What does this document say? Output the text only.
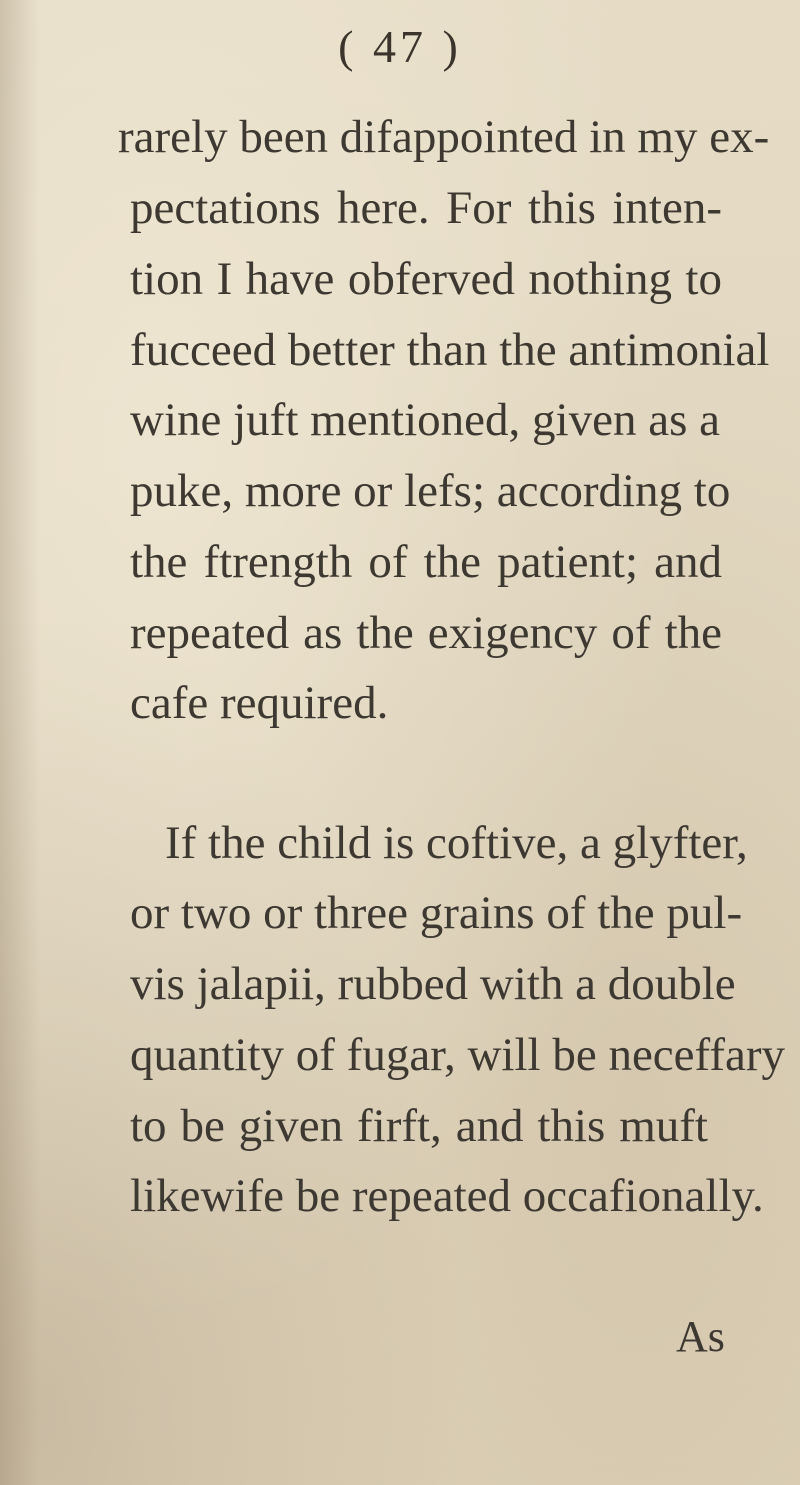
( 47 )
rarely been difappointed in my ex-
pectations here. For this inten-
tion I have obferved nothing to
fucceed better than the antimonial
wine juft mentioned, given as a
puke, more or lefs; according to
the ftrength of the patient; and
repeated as the exigency of the
cafe required.
If the child is coftive, a glyfter,
or two or three grains of the pul-
vis jalapii, rubbed with a double
quantity of fugar, will be neceffary
to be given firft, and this muft
likewife be repeated occafionally.
As
